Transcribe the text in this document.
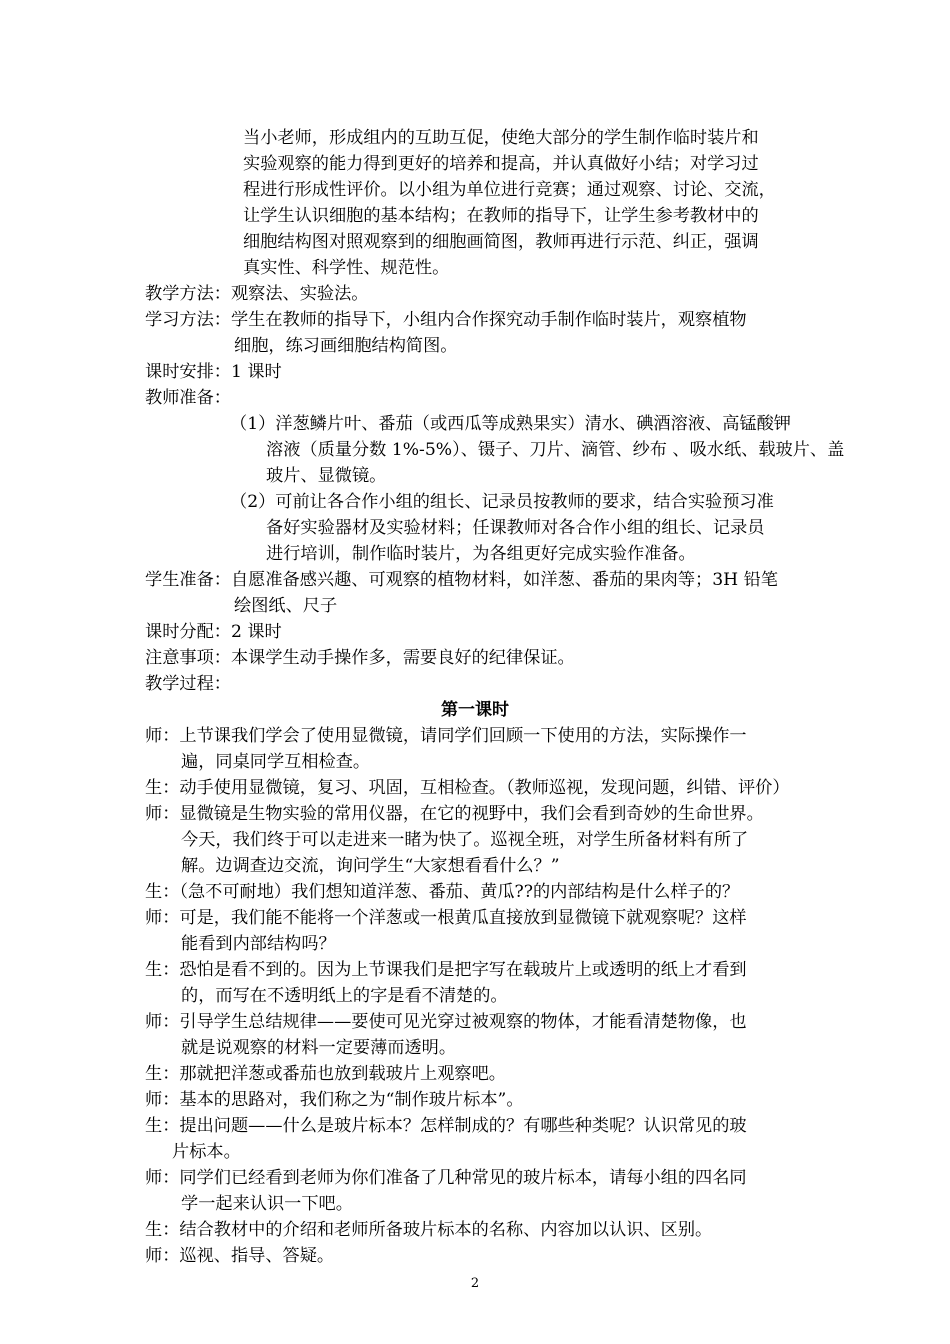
当小老师，形成组内的互助互促，使绝大部分的学生制作临时装片和
实验观察的能力得到更好的培养和提高，并认真做好小结；对学习过
程进行形成性评价。以小组为单位进行竞赛；通过观察、讨论、交流，
让学生认识细胞的基本结构；在教师的指导下，让学生参考教材中的
细胞结构图对照观察到的细胞画简图，教师再进行示范、纠正，强调
真实性、科学性、规范性。
教学方法：观察法、实验法。
学习方法：学生在教师的指导下，小组内合作探究动手制作临时装片，观察植物
细胞，练习画细胞结构简图。
课时安排：1 课时
教师准备：
（1）洋葱鳞片叶、番茄（或西瓜等成熟果实）清水、碘酒溶液、高锰酸钾
溶液（质量分数 1%-5%）、镊子、刀片、滴管、纱布 、吸水纸、载玻片、盖
玻片、显微镜。
（2）可前让各合作小组的组长、记录员按教师的要求，结合实验预习准
备好实验器材及实验材料；任课教师对各合作小组的组长、记录员
进行培训，制作临时装片，为各组更好完成实验作准备。
学生准备：自愿准备感兴趣、可观察的植物材料，如洋葱、番茄的果肉等；3H 铅笔
绘图纸、尺子
课时分配：2 课时
注意事项：本课学生动手操作多，需要良好的纪律保证。
教学过程：
第一课时
师：上节课我们学会了使用显微镜，请同学们回顾一下使用的方法，实际操作一
遍，同桌同学互相检查。
生：动手使用显微镜，复习、巩固，互相检查。（教师巡视，发现问题，纠错、评价）
师：显微镜是生物实验的常用仪器，在它的视野中，我们会看到奇妙的生命世界。
今天，我们终于可以走进来一睹为快了。巡视全班，对学生所备材料有所了
解。边调查边交流，询问学生“大家想看看什么？”
生：（急不可耐地）我们想知道洋葱、番茄、黄瓜??的内部结构是什么样子的？
师：可是，我们能不能将一个洋葱或一根黄瓜直接放到显微镜下就观察呢？这样
能看到内部结构吗？
生：恐怕是看不到的。因为上节课我们是把字写在载玻片上或透明的纸上才看到
的，而写在不透明纸上的字是看不清楚的。
师：引导学生总结规律——要使可见光穿过被观察的物体，才能看清楚物像，也
就是说观察的材料一定要薄而透明。
生：那就把洋葱或番茄也放到载玻片上观察吧。
师：基本的思路对，我们称之为“制作玻片标本”。
生：提出问题——什么是玻片标本？怎样制成的？有哪些种类呢？认识常见的玻
片标本。
师：同学们已经看到老师为你们准备了几种常见的玻片标本，请每小组的四名同
学一起来认识一下吧。
生：结合教材中的介绍和老师所备玻片标本的名称、内容加以认识、区别。
师：巡视、指导、答疑。
2
